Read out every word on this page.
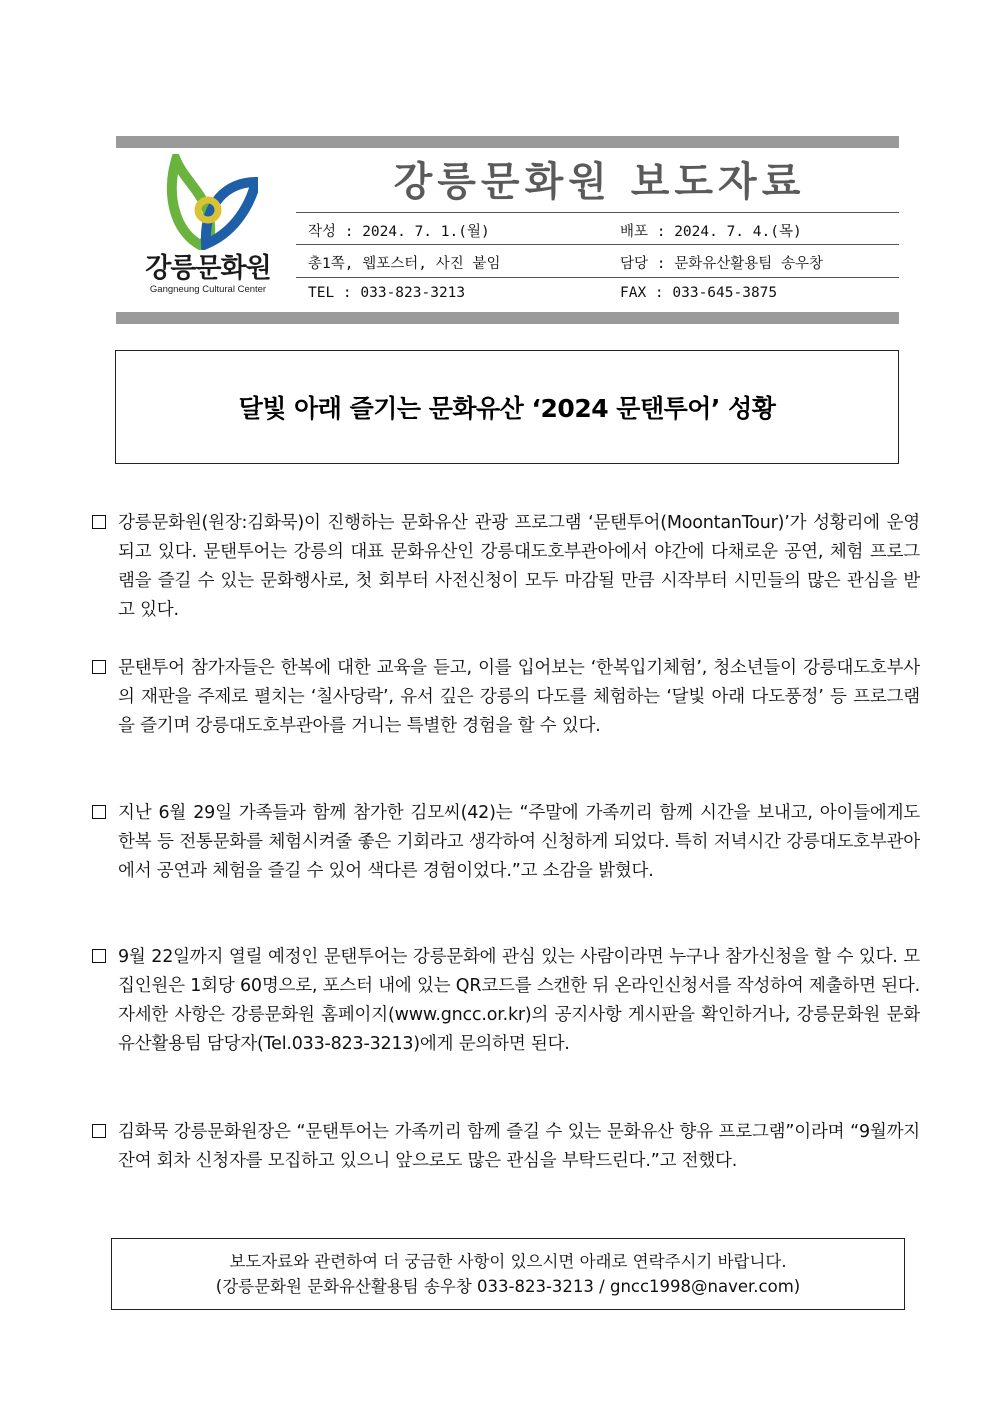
강릉문화원
Gangneung Cultural Center
강릉문화원 보도자료
작성 : 2024. 7. 1.(월)	배포 : 2024. 7. 4.(목)
총1쪽, 웹포스터, 사진 붙임	담당 : 문화유산활용팀 송우창
TEL : 033-823-3213	FAX : 033-645-3875
달빛 아래 즐기는 문화유산 ‘2024 문탠투어’ 성황
강릉문화원(원장:김화묵)이 진행하는 문화유산 관광 프로그램 ‘문탠투어(MoontanTour)’가 성황리에 운영되고 있다. 문탠투어는 강릉의 대표 문화유산인 강릉대도호부관아에서 야간에 다채로운 공연, 체험 프로그램을 즐길 수 있는 문화행사로, 첫 회부터 사전신청이 모두 마감될 만큼 시작부터 시민들의 많은 관심을 받고 있다.
문탠투어 참가자들은 한복에 대한 교육을 듣고, 이를 입어보는 ‘한복입기체험’, 청소년들이 강릉대도호부사의 재판을 주제로 펼치는 ‘칠사당락’, 유서 깊은 강릉의 다도를 체험하는 ‘달빛 아래 다도풍정’ 등 프로그램을 즐기며 강릉대도호부관아를 거니는 특별한 경험을 할 수 있다.
지난 6월 29일 가족들과 함께 참가한 김모씨(42)는 “주말에 가족끼리 함께 시간을 보내고, 아이들에게도 한복 등 전통문화를 체험시켜줄 좋은 기회라고 생각하여 신청하게 되었다. 특히 저녁시간 강릉대도호부관아에서 공연과 체험을 즐길 수 있어 색다른 경험이었다.”고 소감을 밝혔다.
9월 22일까지 열릴 예정인 문탠투어는 강릉문화에 관심 있는 사람이라면 누구나 참가신청을 할 수 있다. 모집인원은 1회당 60명으로, 포스터 내에 있는 QR코드를 스캔한 뒤 온라인신청서를 작성하여 제출하면 된다. 자세한 사항은 강릉문화원 홈페이지(www.gncc.or.kr)의 공지사항 게시판을 확인하거나, 강릉문화원 문화유산활용팀 담당자(Tel.033-823-3213)에게 문의하면 된다.
김화묵 강릉문화원장은 “문탠투어는 가족끼리 함께 즐길 수 있는 문화유산 향유 프로그램”이라며 “9월까지 잔여 회차 신청자를 모집하고 있으니 앞으로도 많은 관심을 부탁드린다.”고 전했다.
보도자료와 관련하여 더 궁금한 사항이 있으시면 아래로 연락주시기 바랍니다.
(강릉문화원 문화유산활용팀 송우창 033-823-3213 / gncc1998@naver.com)
